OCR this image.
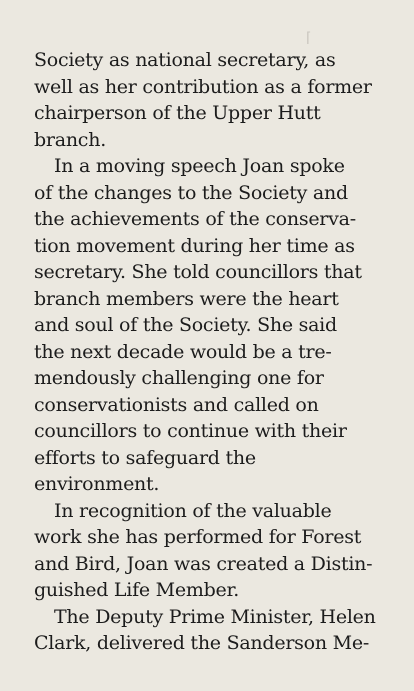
⌈

Society as national secretary, as
well as her contribution as a former
chairperson of the Upper Hutt
branch.

In a moving speech Joan spoke
of the changes to the Society and
the achievements of the conserva-
tion movement during her time as
secretary. She told councillors that
branch members were the heart
and soul of the Society. She said
the next decade would be a tre-
mendously challenging one for
conservationists and called on
councillors to continue with their
efforts to safeguard the
environment.

In recognition of the valuable
work she has performed for Forest
and Bird, Joan was created a Distin-
guished Life Member.

The Deputy Prime Minister, Helen
Clark, delivered the Sanderson Me-
